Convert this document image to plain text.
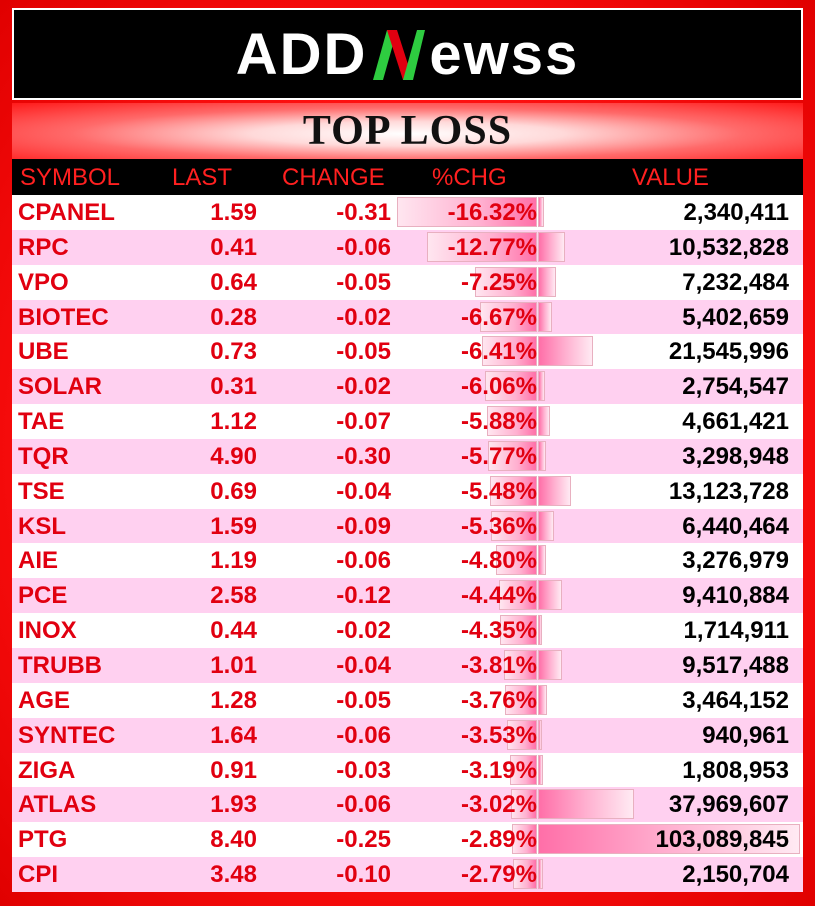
ADD ewss
TOP LOSS
SYMBOL LAST CHANGE %CHG	VALUE
CPANEL	1.59	-0.31 -16.32%	2,340,411
RPC	0.41	-0.06 -12.77%	10,532,828
VPO	0.64	-0.05	-7.25%	7,232,484
BIOTEC	0.28	-0.02	-6.67%	5,402,659
UBE	0.73	-0.05	-6.41%	21,545,996
SOLAR	0.31	-0.02	-6.06%	2,754,547
TAE	1.12	-0.07	-5.88%	4,661,421
TQR	4.90	-0.30	-5.77%	3,298,948
TSE	0.69	-0.04	-5.48%	13,123,728
KSL	1.59	-0.09	-5.36%	6,440,464
AIE	1.19	-0.06	-4.80%	3,276,979
PCE	2.58	-0.12	-4.44%	9,410,884
INOX	0.44	-0.02	-4.35%	1,714,911
TRUBB	1.01	-0.04	-3.81%	9,517,488
AGE	1.28	-0.05	-3.76%	3,464,152
SYNTEC	1.64	-0.06	-3.53%	940,961
ZIGA	0.91	-0.03	-3.19%	1,808,953
ATLAS	1.93	-0.06	-3.02%	37,969,607
PTG	8.40	-0.25	-2.89%	103,089,845
CPI	3.48	-0.10	-2.79%	2,150,704
